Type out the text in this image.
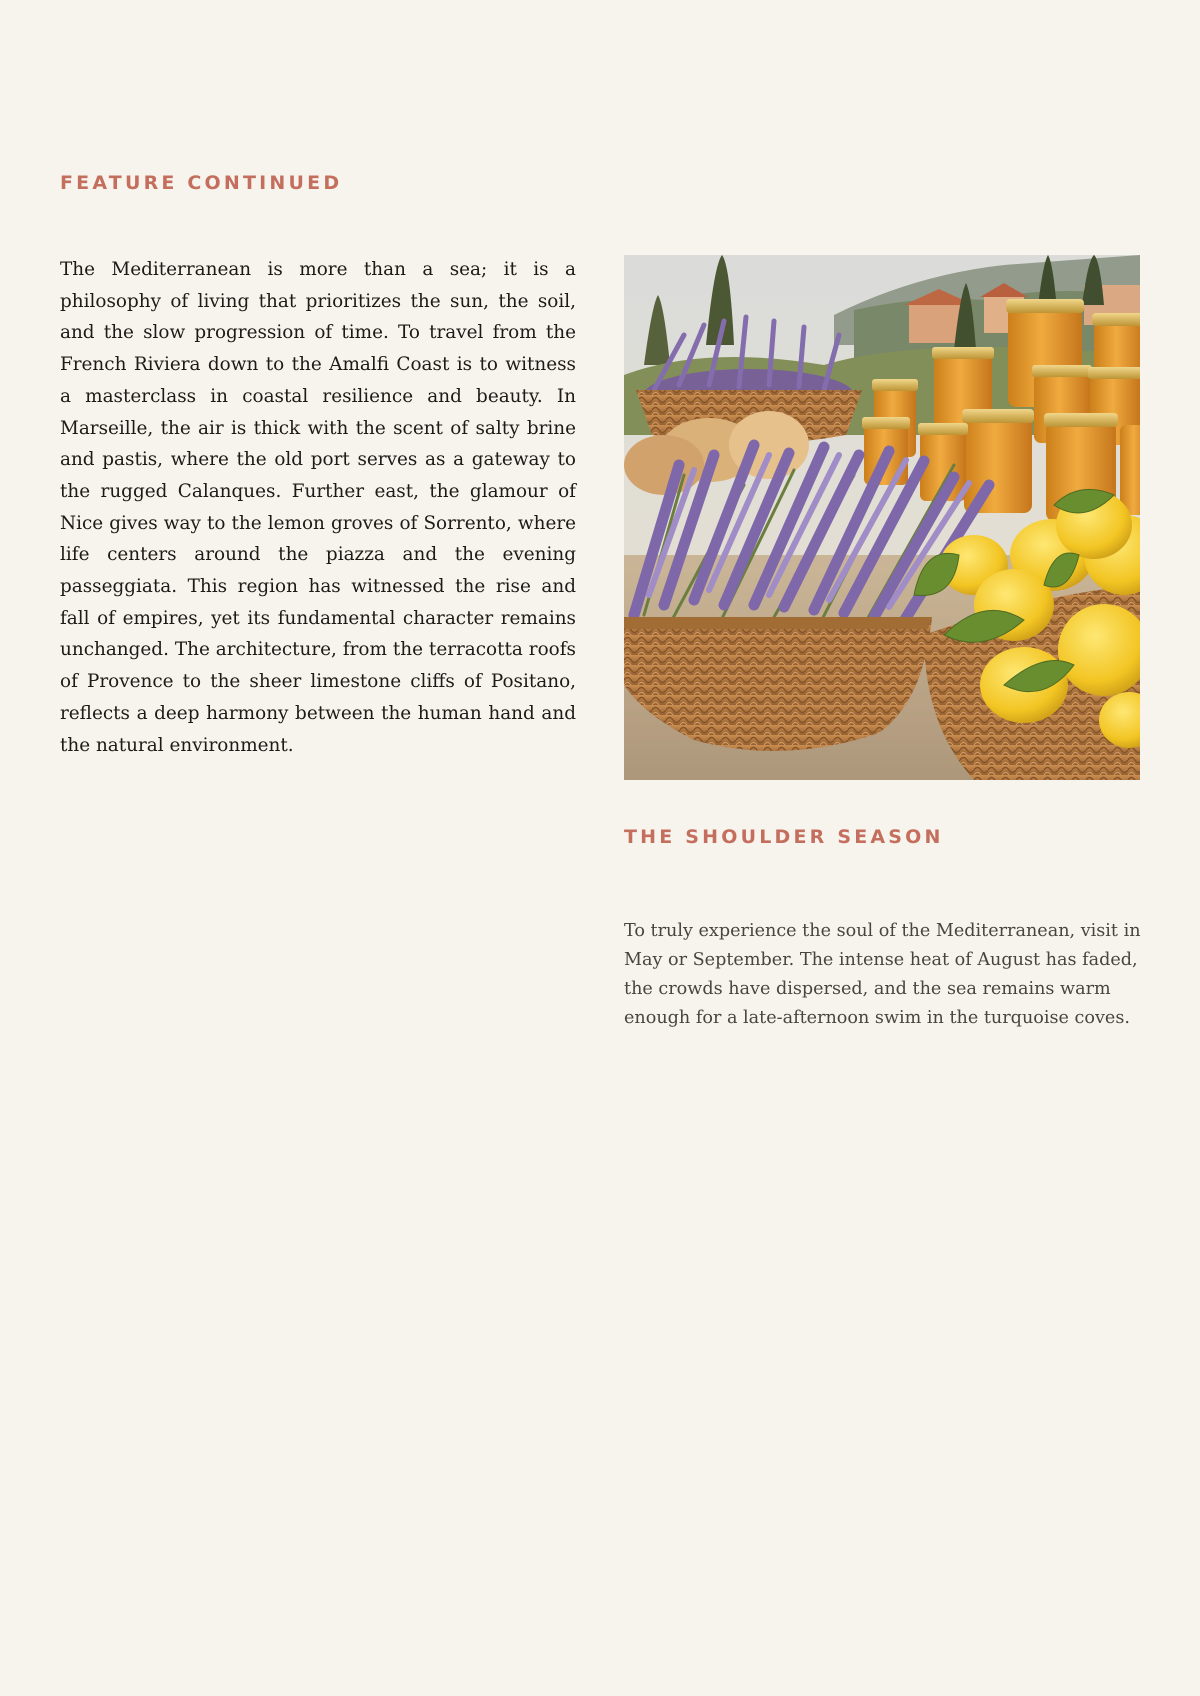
FEATURE CONTINUED

The Mediterranean is more than a sea; it is a philosophy of living that prioritizes the sun, the soil, and the slow progression of time. To travel from the French Riviera down to the Amalfi Coast is to witness a masterclass in coastal resilience and beauty. In Marseille, the air is thick with the scent of salty brine and pastis, where the old port serves as a gateway to the rugged Calanques. Further east, the glamour of Nice gives way to the lemon groves of Sorrento, where life centers around the piazza and the evening passeggiata. This region has witnessed the rise and fall of empires, yet its fundamental character remains unchanged. The architecture, from the terracotta roofs of Provence to the sheer limestone cliffs of Positano, reflects a deep harmony between the human hand and the natural environment.

THE SHOULDER SEASON

To truly experience the soul of the Mediterranean, visit in May or September. The intense heat of August has faded, the crowds have dispersed, and the sea remains warm enough for a late-afternoon swim in the turquoise coves.
